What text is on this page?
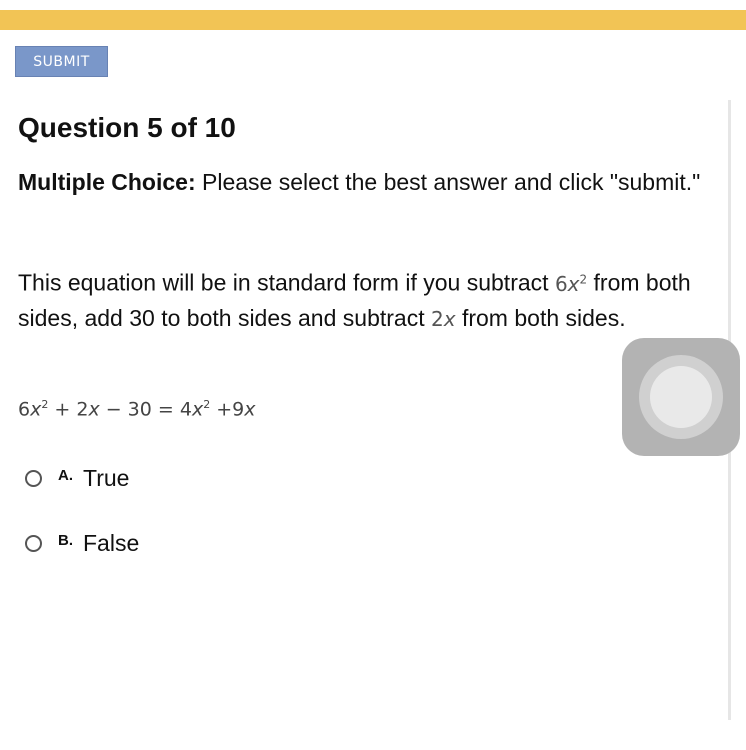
SUBMIT
Question 5 of 10

Multiple Choice: Please select the best answer and click "submit."

This equation will be in standard form if you subtract $6x^2$ from both sides, add 30 to both sides and subtract 2x from both sides.

$6x^2 + 2x - 30 = 4x^2 +9x$
A. True
B. False
